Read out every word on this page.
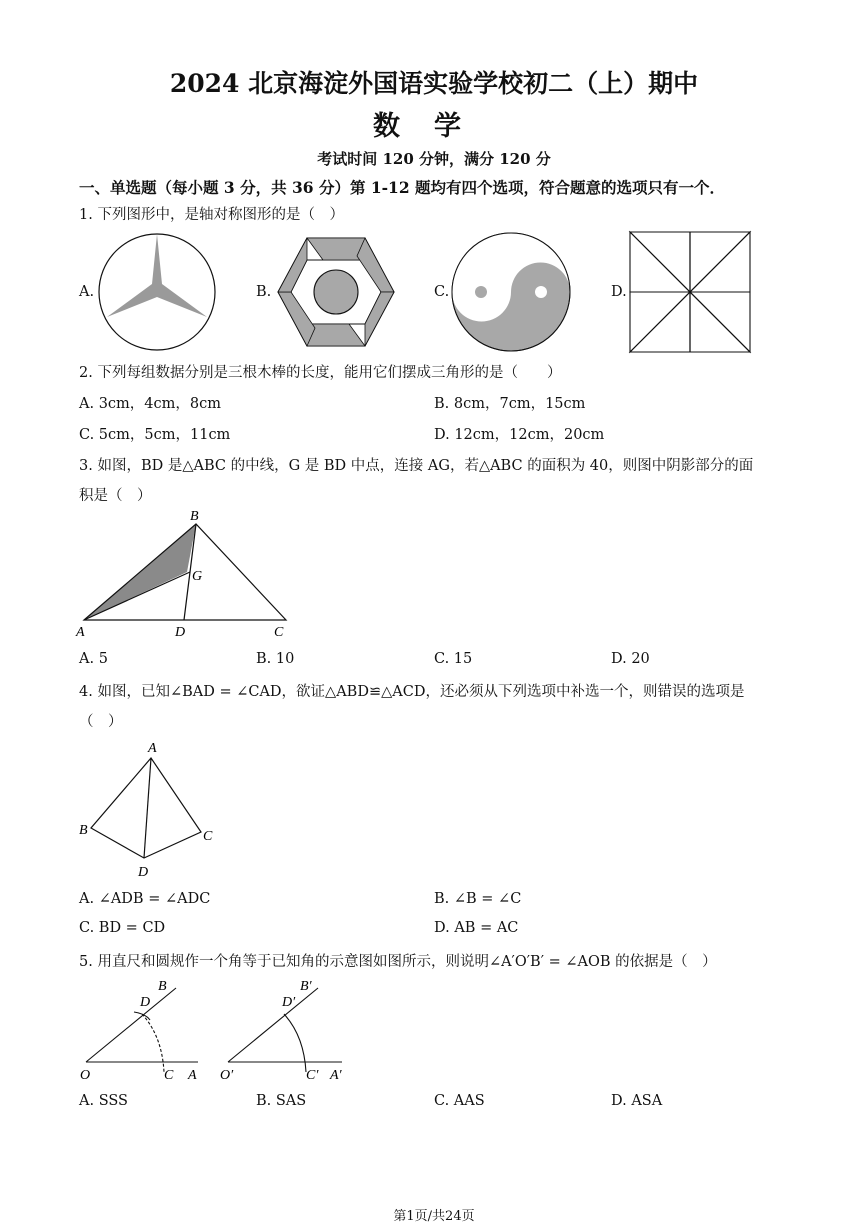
2024 北京海淀外国语实验学校初二（上）期中
数学
考试时间 120 分钟，满分 120 分
一、单选题（每小题 3 分，共 36 分）第 1-12 题均有四个选项，符合题意的选项只有一个．
1. 下列图形中，是轴对称图形的是（　）
A.	B.	C.	D.
2. 下列每组数据分别是三根木棒的长度，能用它们摆成三角形的是（　　）
A. 3cm，4cm，8cm	B. 8cm，7cm，15cm
C. 5cm，5cm，11cm	D. 12cm，12cm，20cm
3. 如图，BD 是△ABC 的中线，G 是 BD 中点，连接 AG，若△ABC 的面积为 40，则图中阴影部分的面
积是（　）
A
B
C
D
G
A. 5	B. 10	C. 15	D. 20
4. 如图，已知∠BAD = ∠CAD，欲证△ABD≌△ACD，还必须从下列选项中补选一个，则错误的选项是
（　）
A
B	C
D
A. ∠ADB = ∠ADC	B. ∠B = ∠C
C. BD = CD	D. AB = AC
5. 用直尺和圆规作一个角等于已知角的示意图如图所示，则说明∠A′O′B′ = ∠AOB 的依据是（　）
O	C A
B
D
O′	C′ A′
B′
D′
A. SSS	B. SAS	C. AAS	D. ASA
第1页/共24页
